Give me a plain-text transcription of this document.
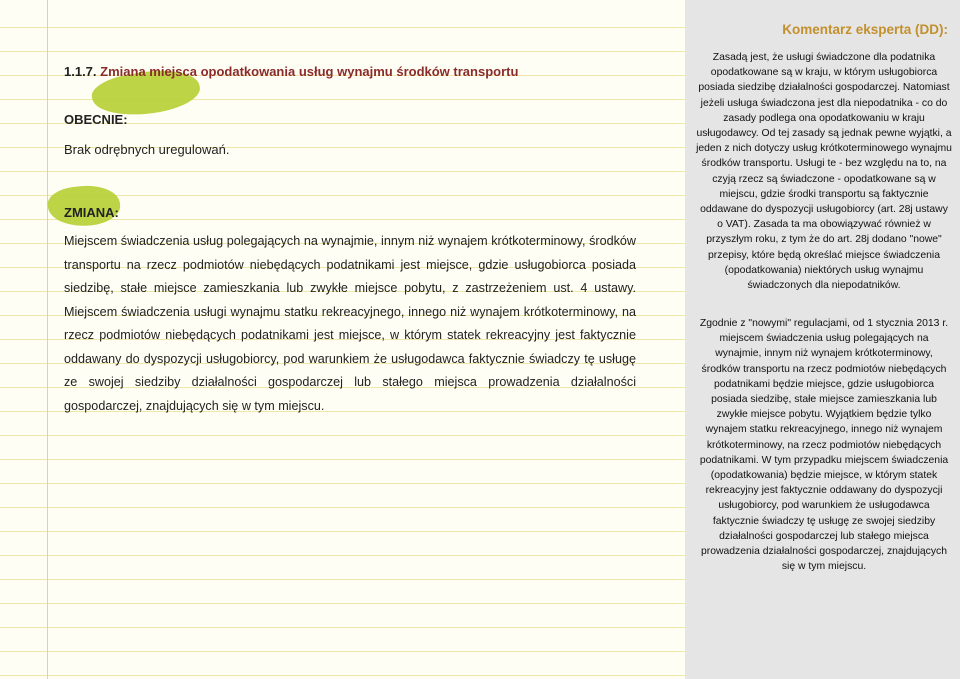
1.1.7. Zmiana miejsca opodatkowania usług wynajmu środków transportu
OBECNIE:
Brak odrębnych uregulowań.
ZMIANA:
Miejscem świadczenia usług polegających na wynajmie, innym niż wynajem krótkoterminowy, środków transportu na rzecz podmiotów niebędących podatnikami jest miejsce, gdzie usługobiorca posiada siedzibę, stałe miejsce zamieszkania lub zwykłe miejsce pobytu, z zastrzeżeniem ust. 4 ustawy. Miejscem świadczenia usługi wynajmu statku rekreacyjnego, innego niż wynajem krótkoterminowy, na rzecz podmiotów niebędących podatnikami jest miejsce, w którym statek rekreacyjny jest faktycznie oddawany do dyspozycji usługobiorcy, pod warunkiem że usługodawca faktycznie świadczy tę usługę ze swojej siedziby działalności gospodarczej lub stałego miejsca prowadzenia działalności gospodarczej, znajdujących się w tym miejscu.
Komentarz eksperta (DD):
Zasadą jest, że usługi świadczone dla podatnika opodatkowane są w kraju, w którym usługobiorca posiada siedzibę działalności gospodarczej. Natomiast jeżeli usługa świadczona jest dla niepodatnika - co do zasady podlega ona opodatkowaniu w kraju usługodawcy. Od tej zasady są jednak pewne wyjątki, a jeden z nich dotyczy usług krótkoterminowego wynajmu środków transportu. Usługi te - bez względu na to, na czyją rzecz są świadczone - opodatkowane są w miejscu, gdzie środki transportu są faktycznie oddawane do dyspozycji usługobiorcy (art. 28j ustawy o VAT). Zasada ta ma obowiązywać również w przyszłym roku, z tym że do art. 28j dodano "nowe" przepisy, które będą określać miejsce świadczenia (opodatkowania) niektórych usług wynajmu świadczonych dla niepodatników.
Zgodnie z "nowymi" regulacjami, od 1 stycznia 2013 r. miejscem świadczenia usług polegających na wynajmie, innym niż wynajem krótkoterminowy, środków transportu na rzecz podmiotów niebędących podatnikami będzie miejsce, gdzie usługobiorca posiada siedzibę, stałe miejsce zamieszkania lub zwykłe miejsce pobytu. Wyjątkiem będzie tylko wynajem statku rekreacyjnego, innego niż wynajem krótkoterminowy, na rzecz podmiotów niebędących podatnikami. W tym przypadku miejscem świadczenia (opodatkowania) będzie miejsce, w którym statek rekreacyjny jest faktycznie oddawany do dyspozycji usługobiorcy, pod warunkiem że usługodawca faktycznie świadczy tę usługę ze swojej siedziby działalności gospodarczej lub stałego miejsca prowadzenia działalności gospodarczej, znajdujących się w tym miejscu.
